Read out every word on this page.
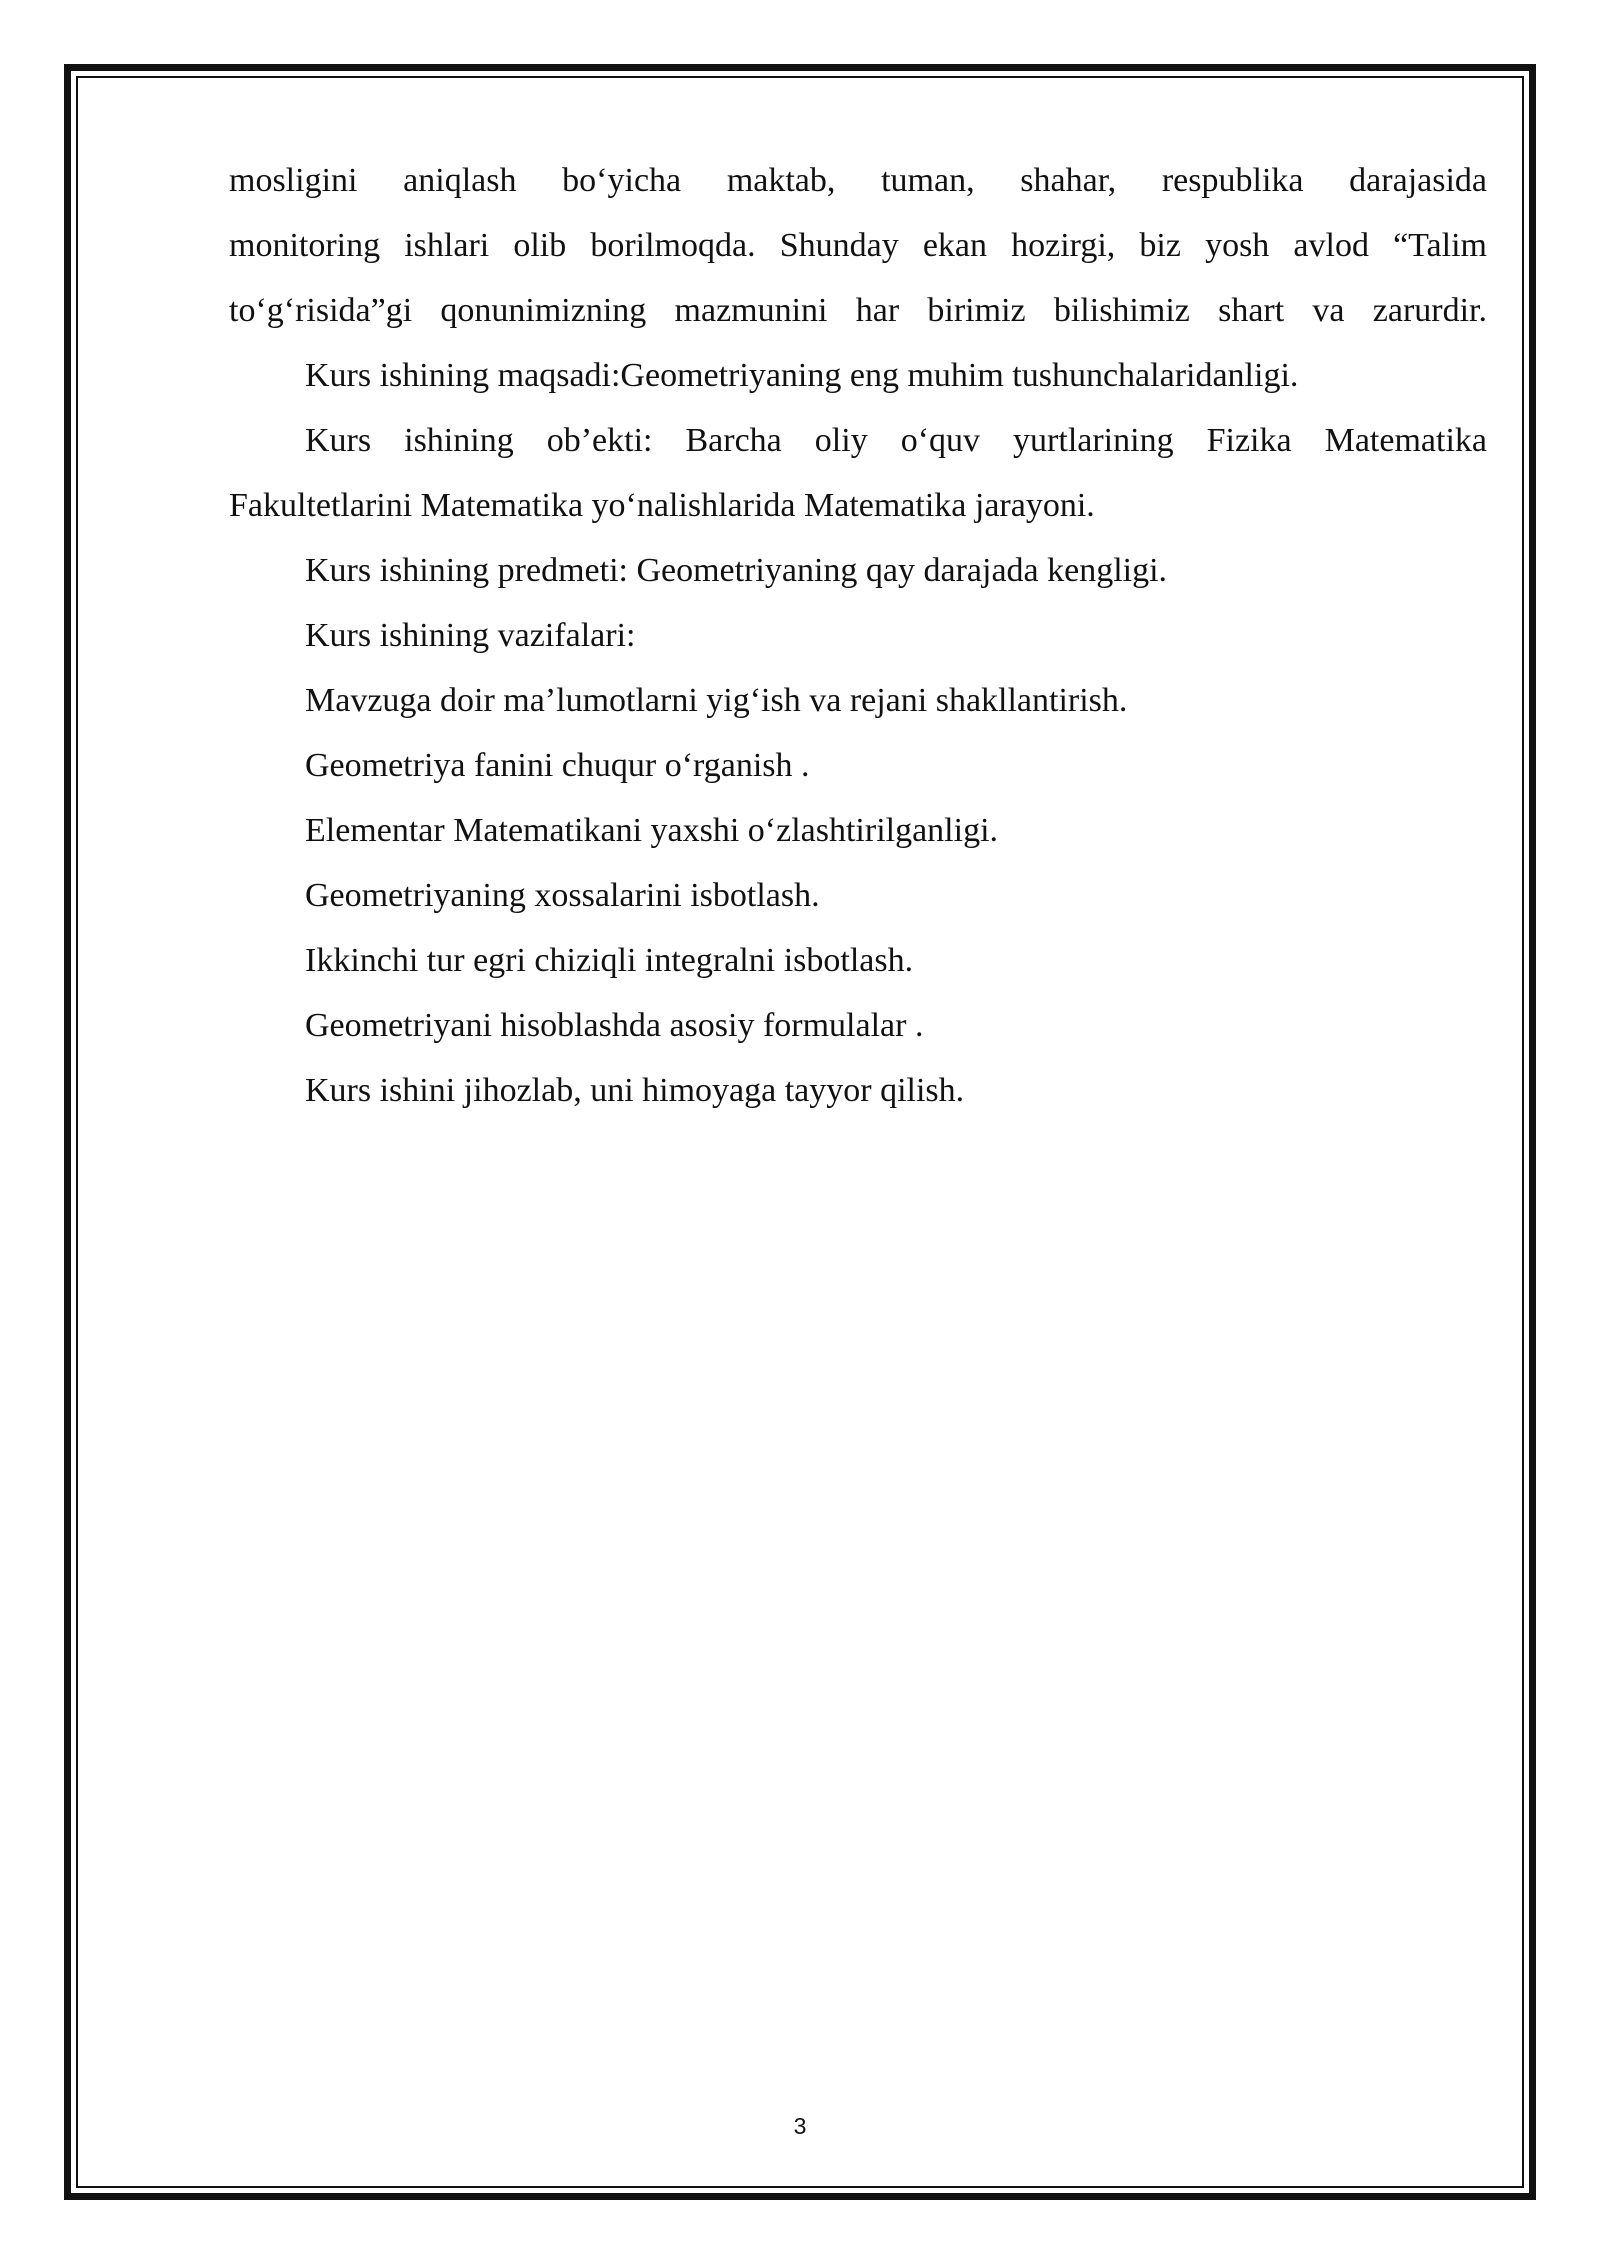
mosligini aniqlash bo‘yicha maktab, tuman, shahar, respublika darajasida

monitoring ishlari olib borilmoqda. Shunday ekan hozirgi, biz yosh avlod “Talim

to‘g‘risida”gi qonunimizning mazmunini har birimiz bilishimiz shart va zarurdir.

Kurs ishining maqsadi:Geometriyaning eng muhim tushunchalaridanligi.

Kurs ishining ob’ekti: Barcha oliy o‘quv yurtlarining Fizika Matematika

Fakultetlarini Matematika yo‘nalishlarida Matematika jarayoni.

Kurs ishining predmeti: Geometriyaning qay darajada kengligi.

Kurs ishining vazifalari:

Mavzuga doir ma’lumotlarni yig‘ish va rejani shakllantirish.

Geometriya fanini chuqur o‘rganish .

Elementar Matematikani yaxshi o‘zlashtirilganligi.

Geometriyaning xossalarini isbotlash.

Ikkinchi tur egri chiziqli integralni isbotlash.

Geometriyani hisoblashda asosiy formulalar .

Kurs ishini jihozlab, uni himoyaga tayyor qilish.

3
